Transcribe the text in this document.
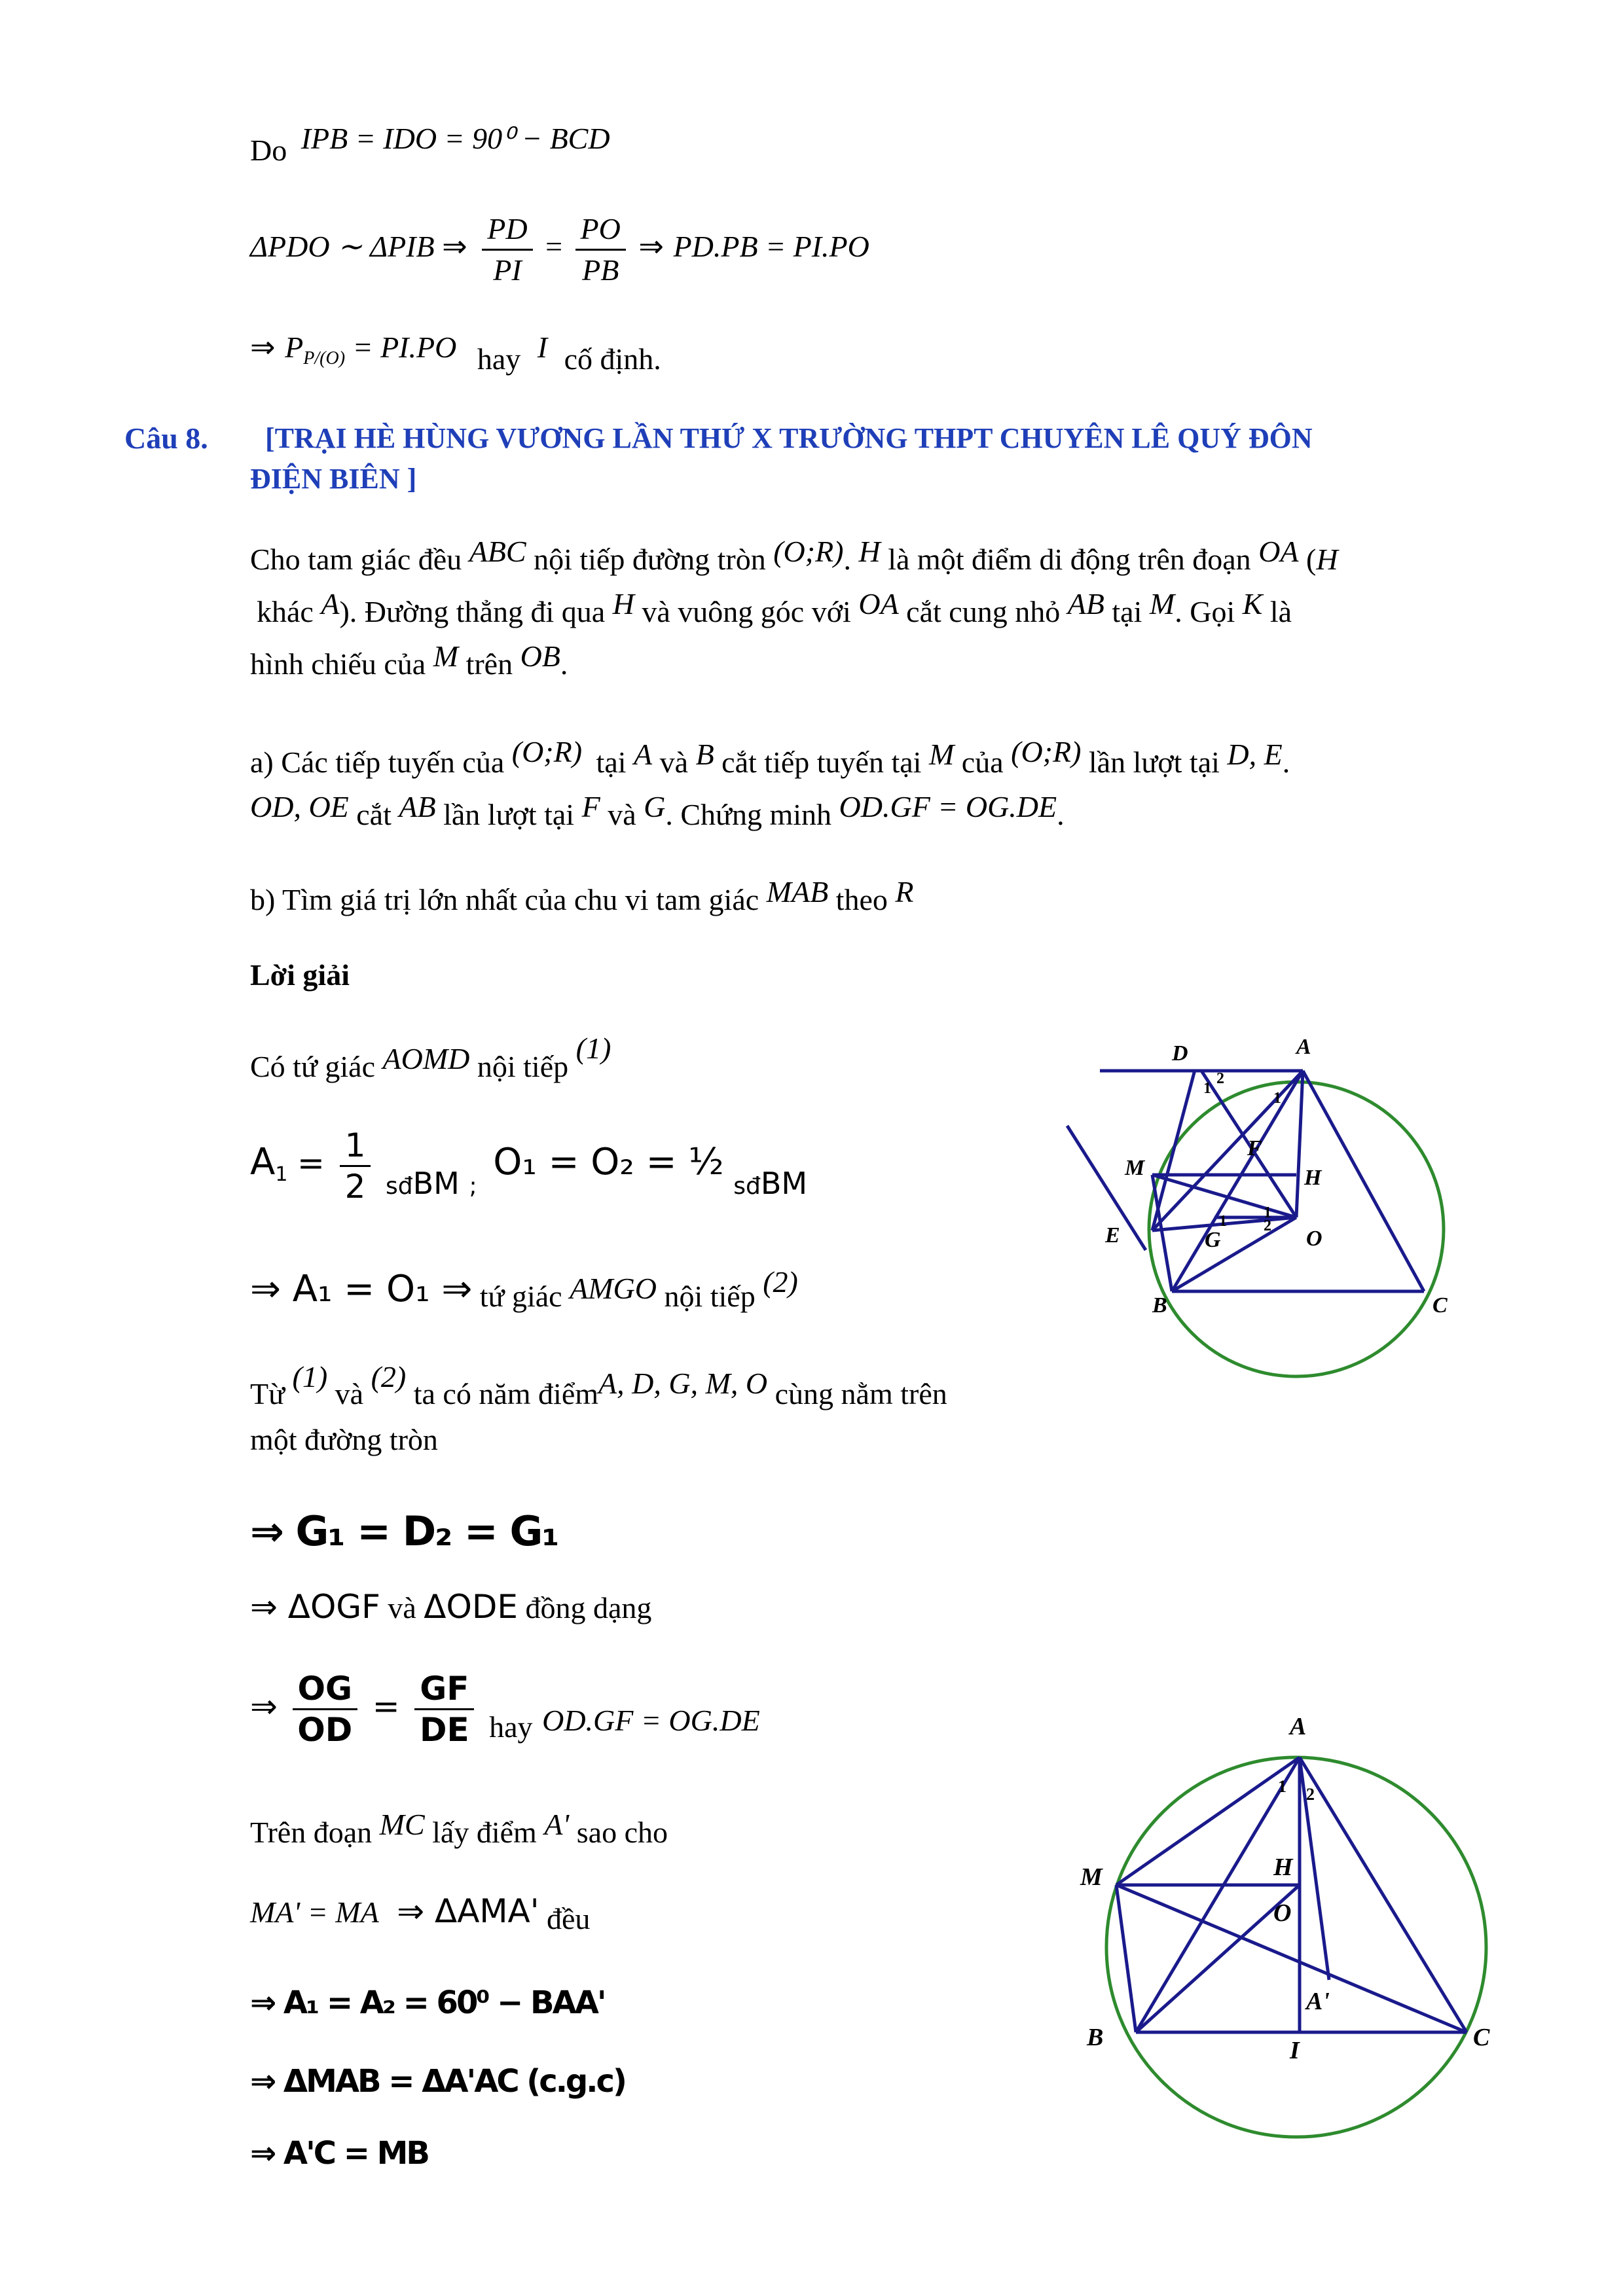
Do IPB = IDO = 90⁰ − BCD
ΔPDO ∼ ΔPIB ⇒ $\frac{PD}{PI} = \frac{PO}{PB}$ ⇒ PD.PB = PI.PO
⇒ $P_{P/(O)} = PI.PO$ hay I cố định.
Câu 8. [TRẠI HÈ HÙNG VƯƠNG LẦN THỨ X TRƯỜNG THPT CHUYÊN LÊ QUÝ ĐÔN
ĐIỆN BIÊN ]
Cho tam giác đều ABC nội tiếp đường tròn (O;R). H là một điểm di động trên đoạn OA (H
khác A). Đường thẳng đi qua H và vuông góc với OA cắt cung nhỏ AB tại M. Gọi K là
hình chiếu của M trên OB.
a) Các tiếp tuyến của (O;R) tại A và B cắt tiếp tuyến tại M của (O;R) lần lượt tại D, E.
OD, OE cắt AB lần lượt tại F và G. Chứng minh OD.GF = OG.DE.
b) Tìm giá trị lớn nhất của chu vi tam giác MAB theo R
Lời giải
Có tứ giác AOMD nội tiếp (1)
$A_1 = \frac{1}{2} _{sđ}BM$ $_;$ O₁ = O₂ = ½ $_{sđ}$BM
⇒ A₁ = O₁ ⇒ tứ giác AMGO nội tiếp (2)
Từ (1) và (2) ta có năm điểmA, D, G, M, O cùng nằm trên
một đường tròn
⇒ G₁ = D₂ = G₁
⇒ ΔOGF và ΔODE đồng dạng
⇒ $\frac{OG}{OD} = \frac{GF}{DE}$ hay OD.GF = OG.DE
Trên đoạn MC lấy điểm A' sao cho
MA' = MA ⇒ ΔAMA' đều
⇒ A₁ = A₂ = 60⁰ − BAA'
⇒ ΔMAB = ΔA'AC (c.g.c)
⇒ A'C = MB
D	A
M
F
H
E	G	O
B	C
1
2
1
1 1
2
A
M	H
O
A'
B	I	C
1 2
